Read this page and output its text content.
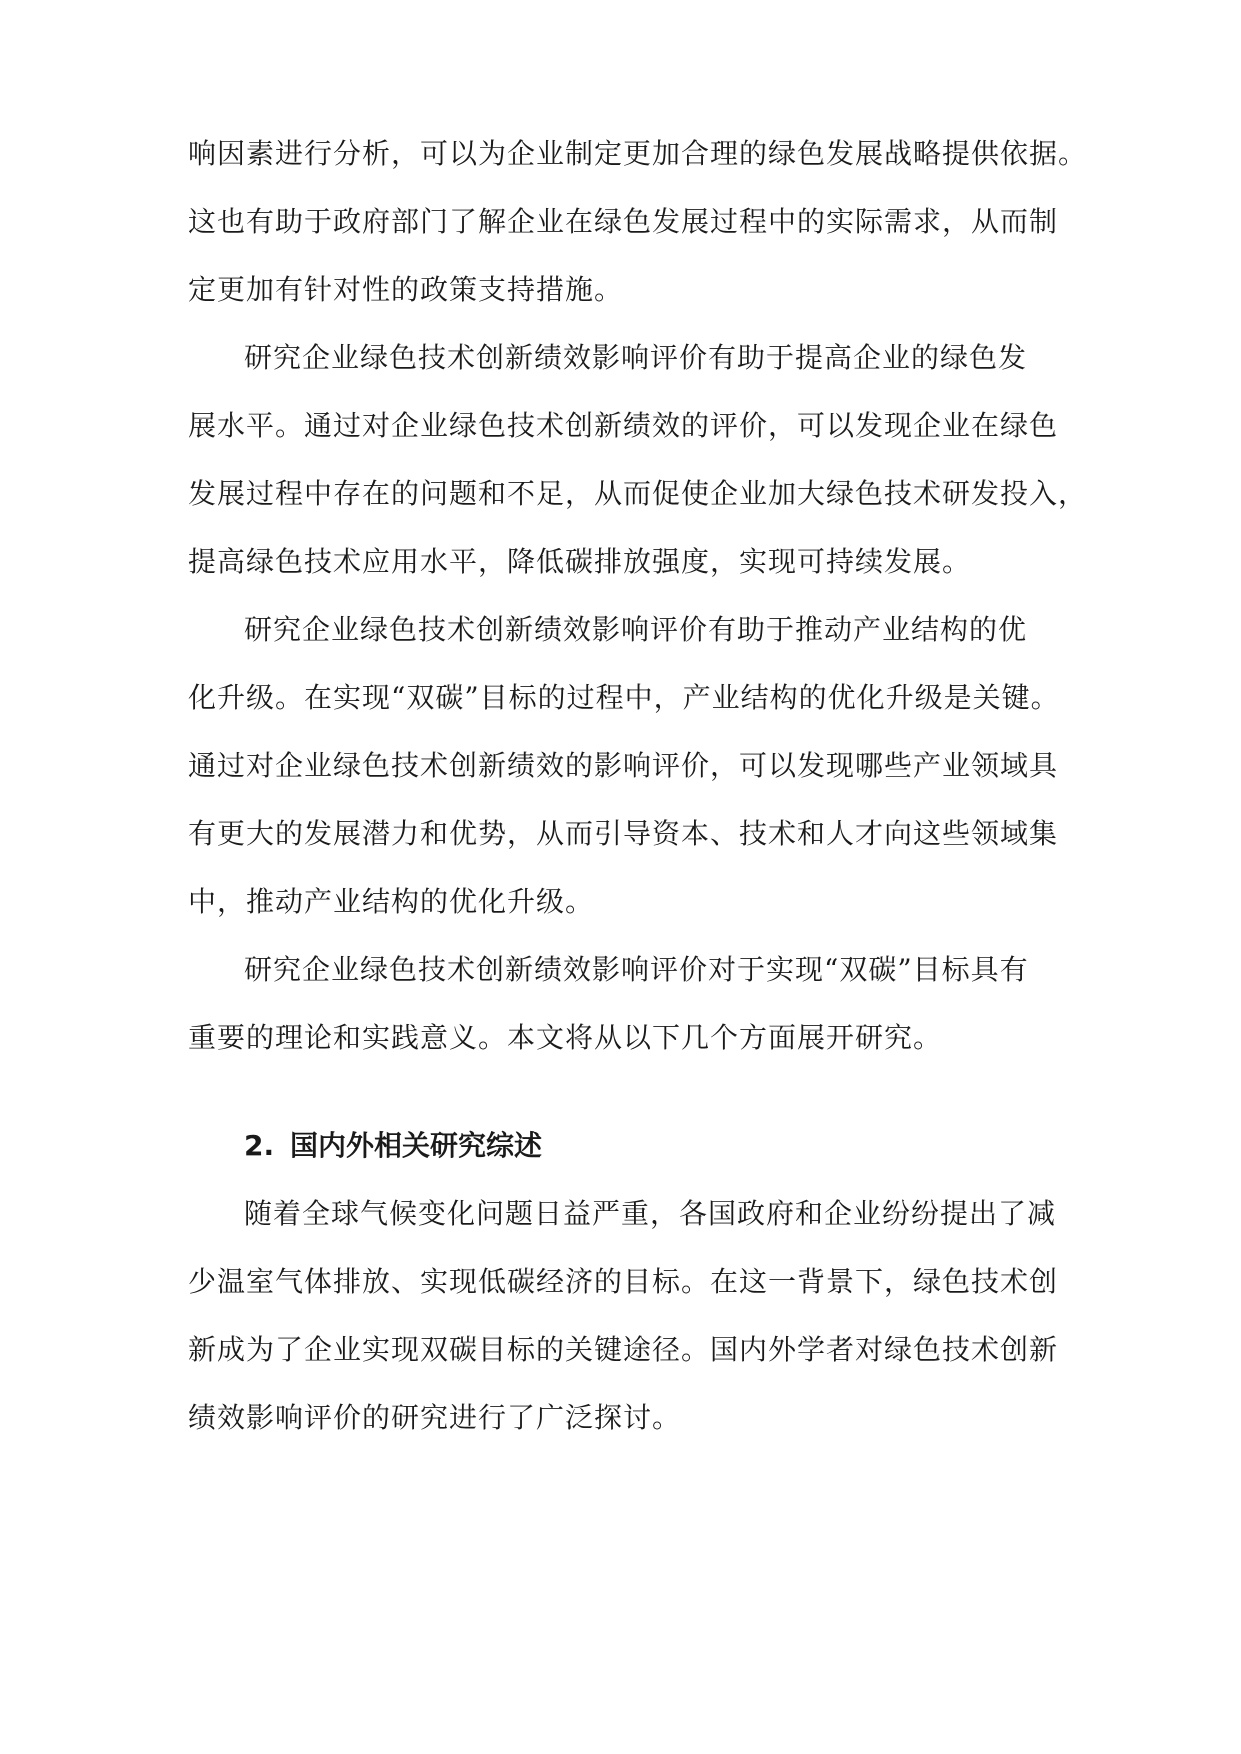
响因素进行分析，可以为企业制定更加合理的绿色发展战略提供依据。
这也有助于政府部门了解企业在绿色发展过程中的实际需求，从而制
定更加有针对性的政策支持措施。
研究企业绿色技术创新绩效影响评价有助于提高企业的绿色发
展水平。通过对企业绿色技术创新绩效的评价，可以发现企业在绿色
发展过程中存在的问题和不足，从而促使企业加大绿色技术研发投入，
提高绿色技术应用水平，降低碳排放强度，实现可持续发展。
研究企业绿色技术创新绩效影响评价有助于推动产业结构的优
化升级。在实现“双碳”目标的过程中，产业结构的优化升级是关键。
通过对企业绿色技术创新绩效的影响评价，可以发现哪些产业领域具
有更大的发展潜力和优势，从而引导资本、技术和人才向这些领域集
中，推动产业结构的优化升级。
研究企业绿色技术创新绩效影响评价对于实现“双碳”目标具有
重要的理论和实践意义。本文将从以下几个方面展开研究。
2. 国内外相关研究综述
随着全球气候变化问题日益严重，各国政府和企业纷纷提出了减
少温室气体排放、实现低碳经济的目标。在这一背景下，绿色技术创
新成为了企业实现双碳目标的关键途径。国内外学者对绿色技术创新
绩效影响评价的研究进行了广泛探讨。
